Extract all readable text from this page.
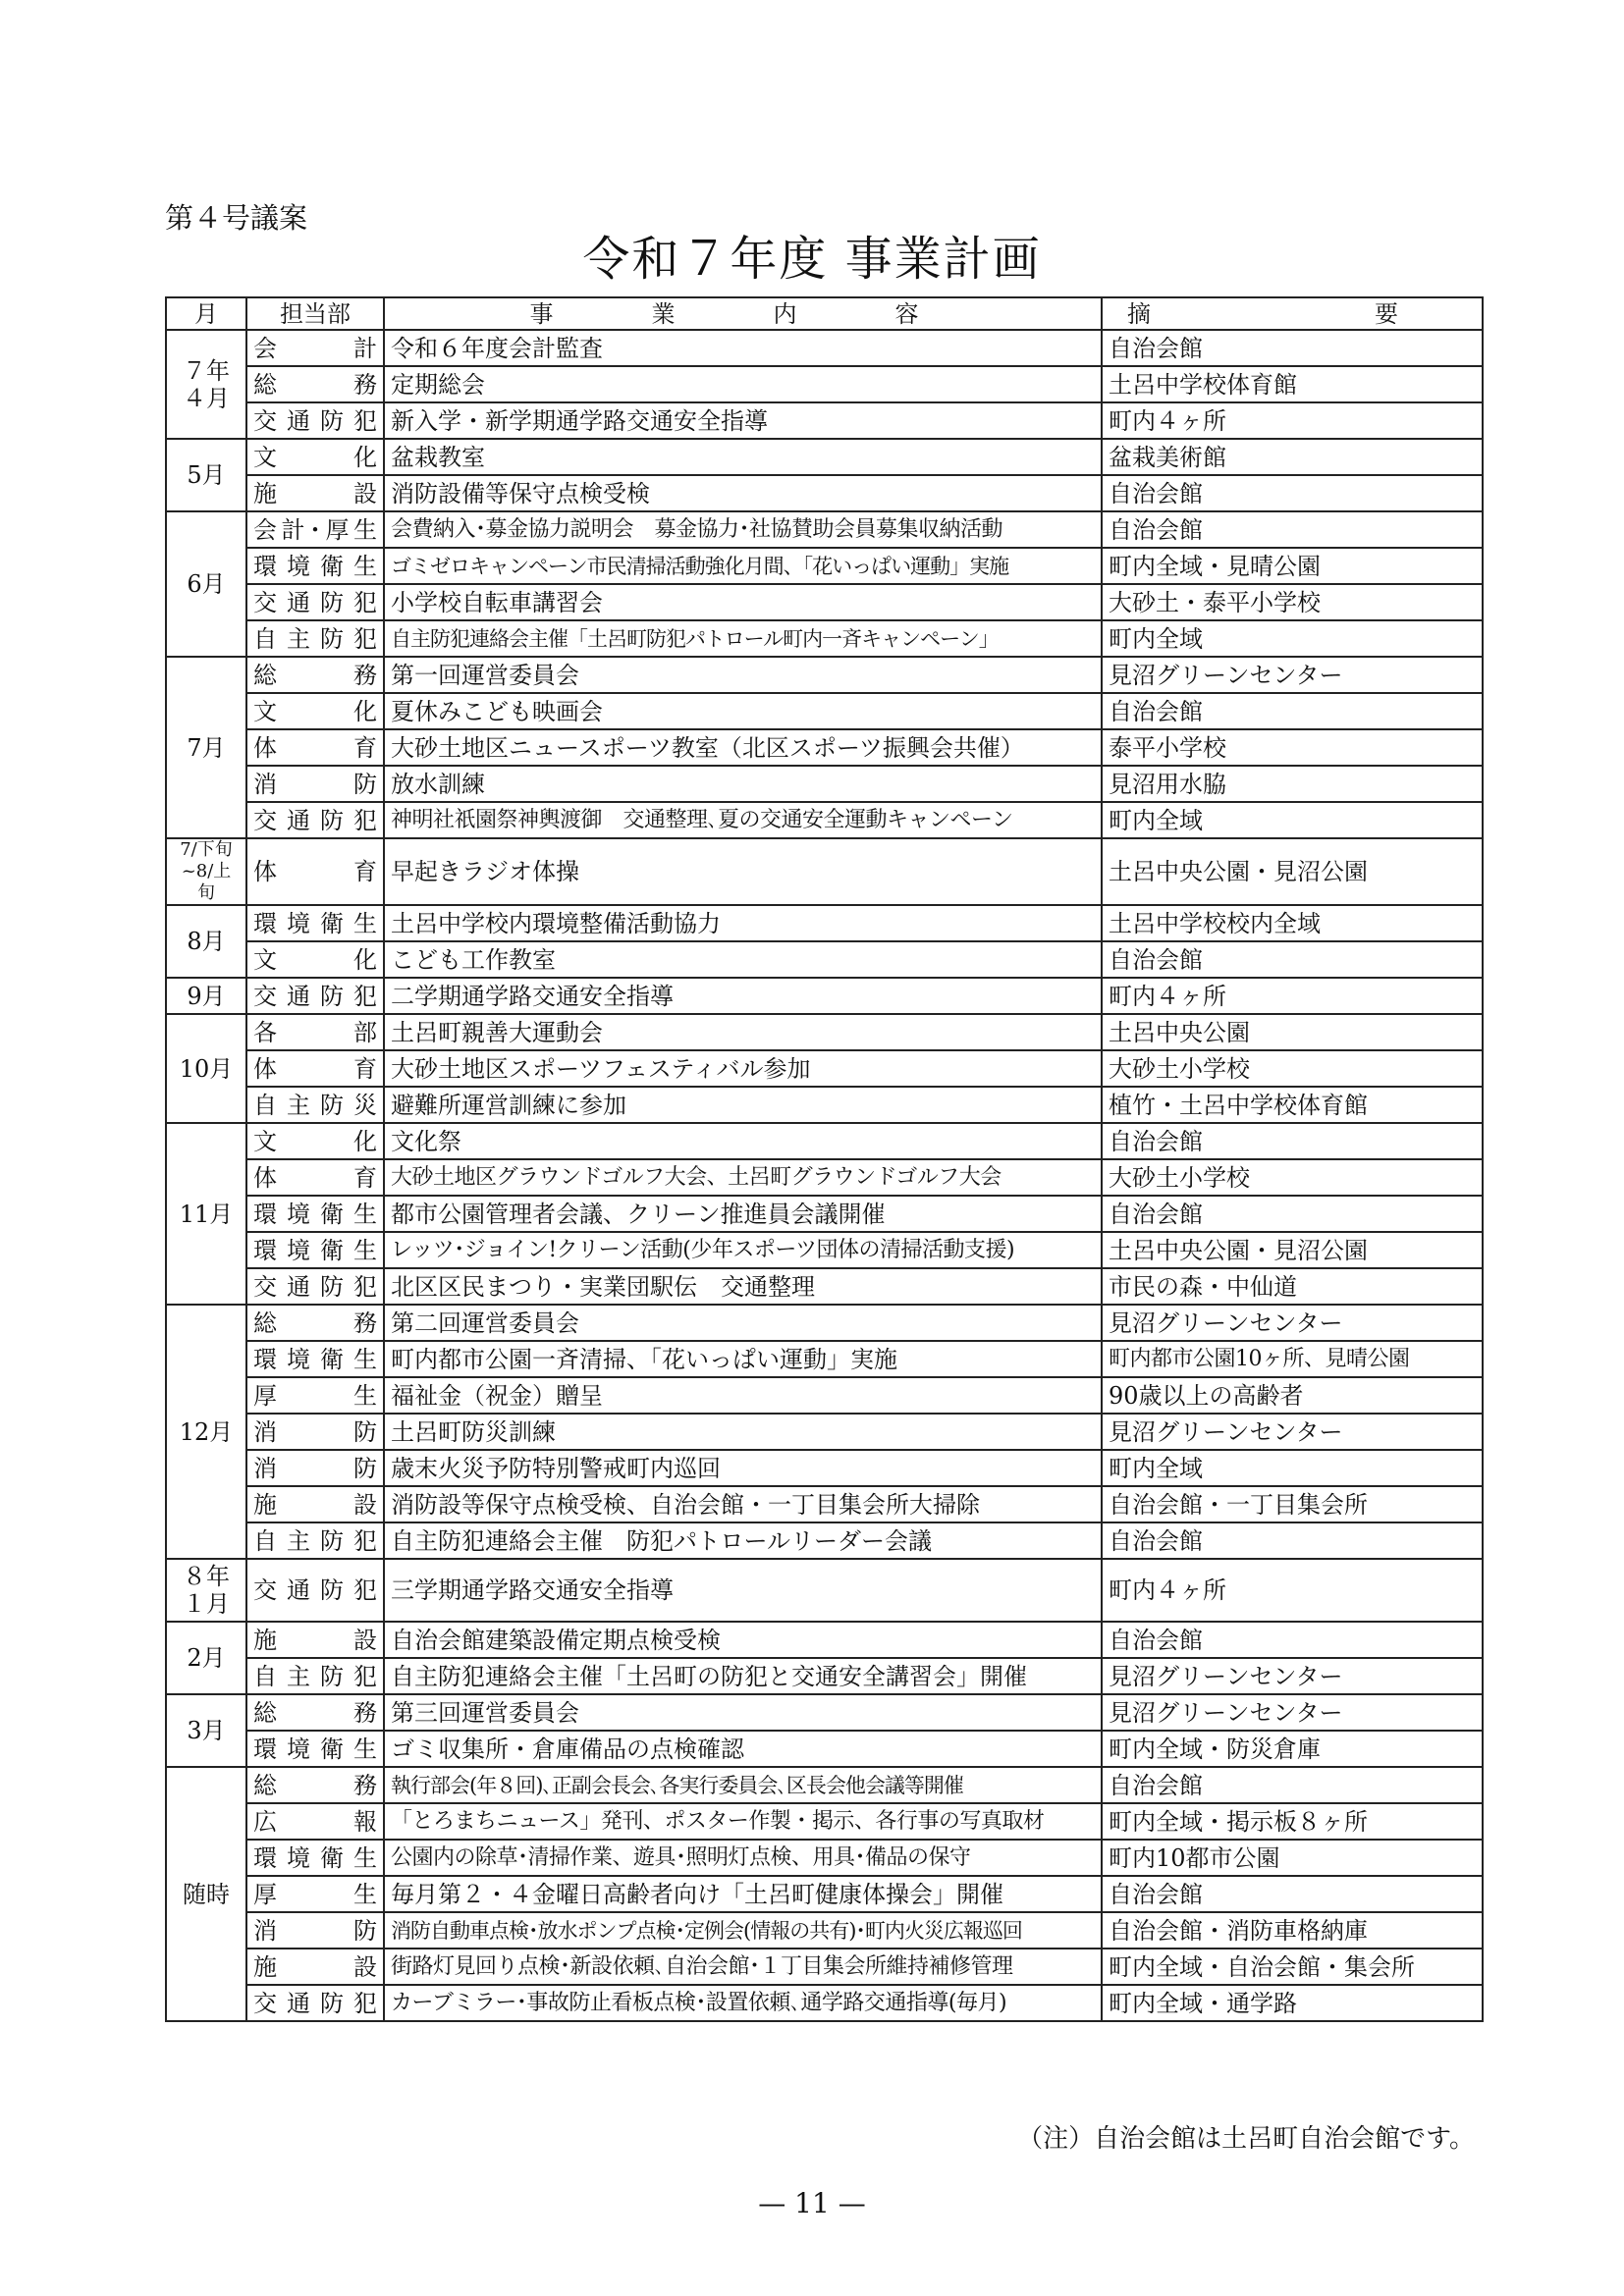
第４号議案
令和７年度 事業計画
月	担当部	事　業　内　容	摘　　要
７年
４月	会計	令和６年度会計監査	自治会館
	総務	定期総会	土呂中学校体育館
	交通防犯	新入学・新学期通学路交通安全指導	町内４ヶ所
5月	文化	盆栽教室	盆栽美術館
	施設	消防設備等保守点検受検	自治会館
6月	会計･厚生	会費納入･募金協力説明会　募金協力･社協賛助会員募集収納活動	自治会館
	環境衛生	ゴミゼロキャンペーン市民清掃活動強化月間、「花いっぱい運動」実施	町内全域・見晴公園
	交通防犯	小学校自転車講習会	大砂土・泰平小学校
	自主防犯	自主防犯連絡会主催「土呂町防犯パトロール町内一斉キャンペーン」	町内全域
7月	総務	第一回運営委員会	見沼グリーンセンター
	文化	夏休みこども映画会	自治会館
	体育	大砂土地区ニュースポーツ教室（北区スポーツ振興会共催）	泰平小学校
	消防	放水訓練	見沼用水脇
	交通防犯	神明社祇園祭神輿渡御　交通整理､夏の交通安全運動キャンペーン	町内全域
7/下旬
~8/上旬	体育	早起きラジオ体操	土呂中央公園・見沼公園
8月	環境衛生	土呂中学校内環境整備活動協力	土呂中学校校内全域
	文化	こども工作教室	自治会館
9月	交通防犯	二学期通学路交通安全指導	町内４ヶ所
10月	各部	土呂町親善大運動会	土呂中央公園
	体育	大砂土地区スポーツフェスティバル参加	大砂土小学校
	自主防災	避難所運営訓練に参加	植竹・土呂中学校体育館
11月	文化	文化祭	自治会館
	体育	大砂土地区グラウンドゴルフ大会、土呂町グラウンドゴルフ大会	大砂土小学校
	環境衛生	都市公園管理者会議、クリーン推進員会議開催	自治会館
	環境衛生	レッツ･ジョイン!クリーン活動(少年スポーツ団体の清掃活動支援)	土呂中央公園・見沼公園
	交通防犯	北区区民まつり・実業団駅伝　交通整理	市民の森・中仙道
12月	総務	第二回運営委員会	見沼グリーンセンター
	環境衛生	町内都市公園一斉清掃、「花いっぱい運動」実施	町内都市公園10ヶ所、見晴公園
	厚生	福祉金（祝金）贈呈	90歳以上の高齢者
	消防	土呂町防災訓練	見沼グリーンセンター
	消防	歳末火災予防特別警戒町内巡回	町内全域
	施設	消防設等保守点検受検、自治会館・一丁目集会所大掃除	自治会館・一丁目集会所
	自主防犯	自主防犯連絡会主催　防犯パトロールリーダー会議	自治会館
８年
１月	交通防犯	三学期通学路交通安全指導	町内４ヶ所
2月	施設	自治会館建築設備定期点検受検	自治会館
	自主防犯	自主防犯連絡会主催「土呂町の防犯と交通安全講習会」開催	見沼グリーンセンター
3月	総務	第三回運営委員会	見沼グリーンセンター
	環境衛生	ゴミ収集所・倉庫備品の点検確認	町内全域・防災倉庫
随時	総務	執行部会(年８回)､正副会長会､各実行委員会､区長会他会議等開催	自治会館
	広報	「とろまちニュース」発刊、ポスター作製・掲示、各行事の写真取材	町内全域・掲示板８ヶ所
	環境衛生	公園内の除草･清掃作業、遊具･照明灯点検、用具･備品の保守	町内10都市公園
	厚生	毎月第２・４金曜日高齢者向け「土呂町健康体操会」開催	自治会館
	消防	消防自動車点検･放水ポンプ点検･定例会(情報の共有)･町内火災広報巡回	自治会館・消防車格納庫
	施設	街路灯見回り点検･新設依頼､自治会館･１丁目集会所維持補修管理	町内全域・自治会館・集会所
	交通防犯	カーブミラー･事故防止看板点検･設置依頼､通学路交通指導(毎月)	町内全域・通学路
（注）自治会館は土呂町自治会館です。
— 11 —
